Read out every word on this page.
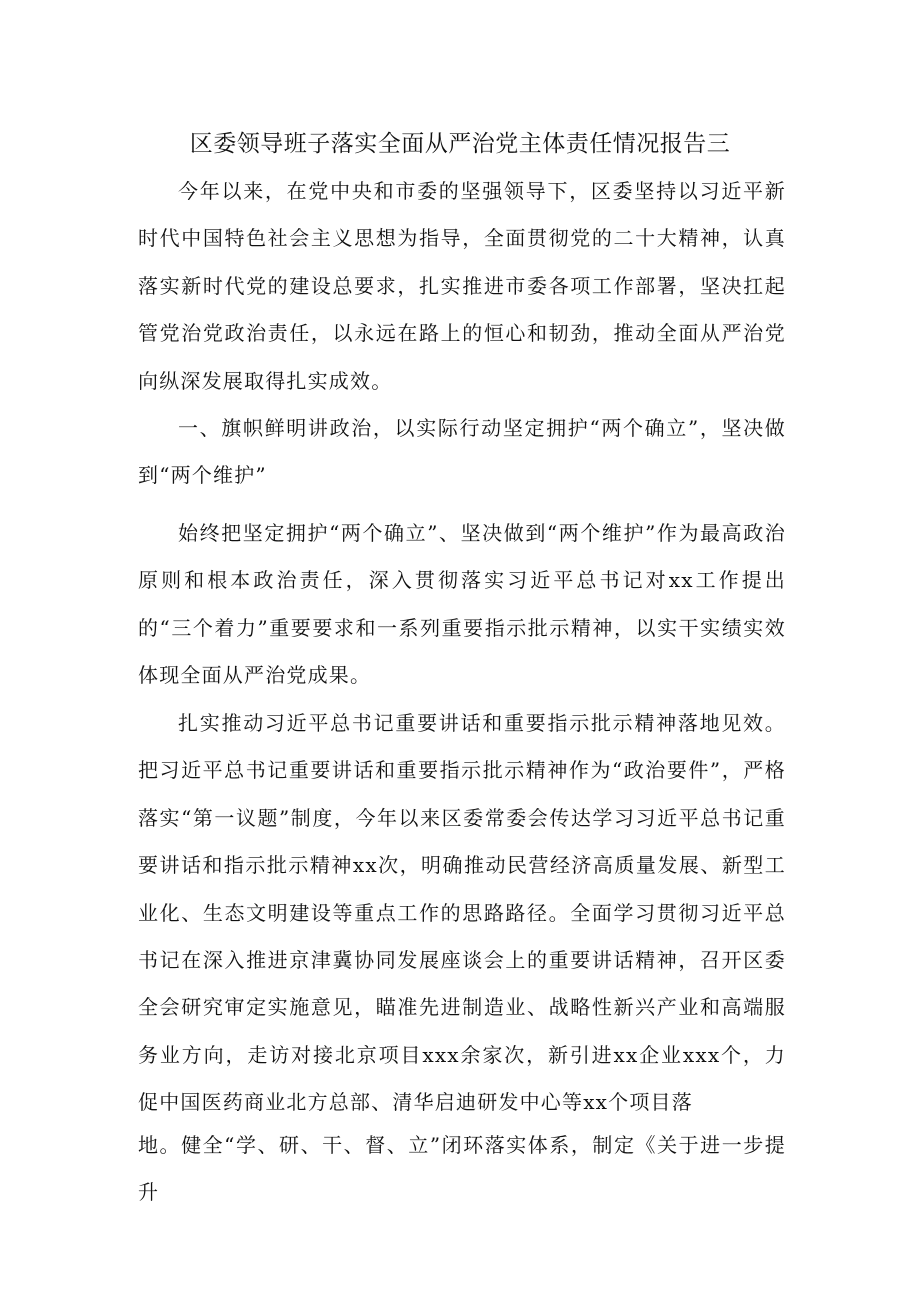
区委领导班子落实全面从严治党主体责任情况报告三

今年以来，在党中央和市委的坚强领导下，区委坚持以习近平新时代中国特色社会主义思想为指导，全面贯彻党的二十大精神，认真落实新时代党的建设总要求，扎实推进市委各项工作部署，坚决扛起管党治党政治责任，以永远在路上的恒心和韧劲，推动全面从严治党向纵深发展取得扎实成效。

一、旗帜鲜明讲政治，以实际行动坚定拥护“两个确立”，坚决做到“两个维护”

始终把坚定拥护“两个确立”、坚决做到“两个维护”作为最高政治原则和根本政治责任，深入贯彻落实习近平总书记对xx工作提出的“三个着力”重要要求和一系列重要指示批示精神，以实干实绩实效体现全面从严治党成果。

扎实推动习近平总书记重要讲话和重要指示批示精神落地见效。把习近平总书记重要讲话和重要指示批示精神作为“政治要件”，严格落实“第一议题”制度，今年以来区委常委会传达学习习近平总书记重要讲话和指示批示精神xx次，明确推动民营经济高质量发展、新型工业化、生态文明建设等重点工作的思路路径。全面学习贯彻习近平总书记在深入推进京津冀协同发展座谈会上的重要讲话精神，召开区委全会研究审定实施意见，瞄准先进制造业、战略性新兴产业和高端服务业方向，走访对接北京项目xxx余家次，新引进xx企业xxx个，力促中国医药商业北方总部、清华启迪研发中心等xx个项目落

地。健全“学、研、干、督、立”闭环落实体系，制定《关于进一步提升
